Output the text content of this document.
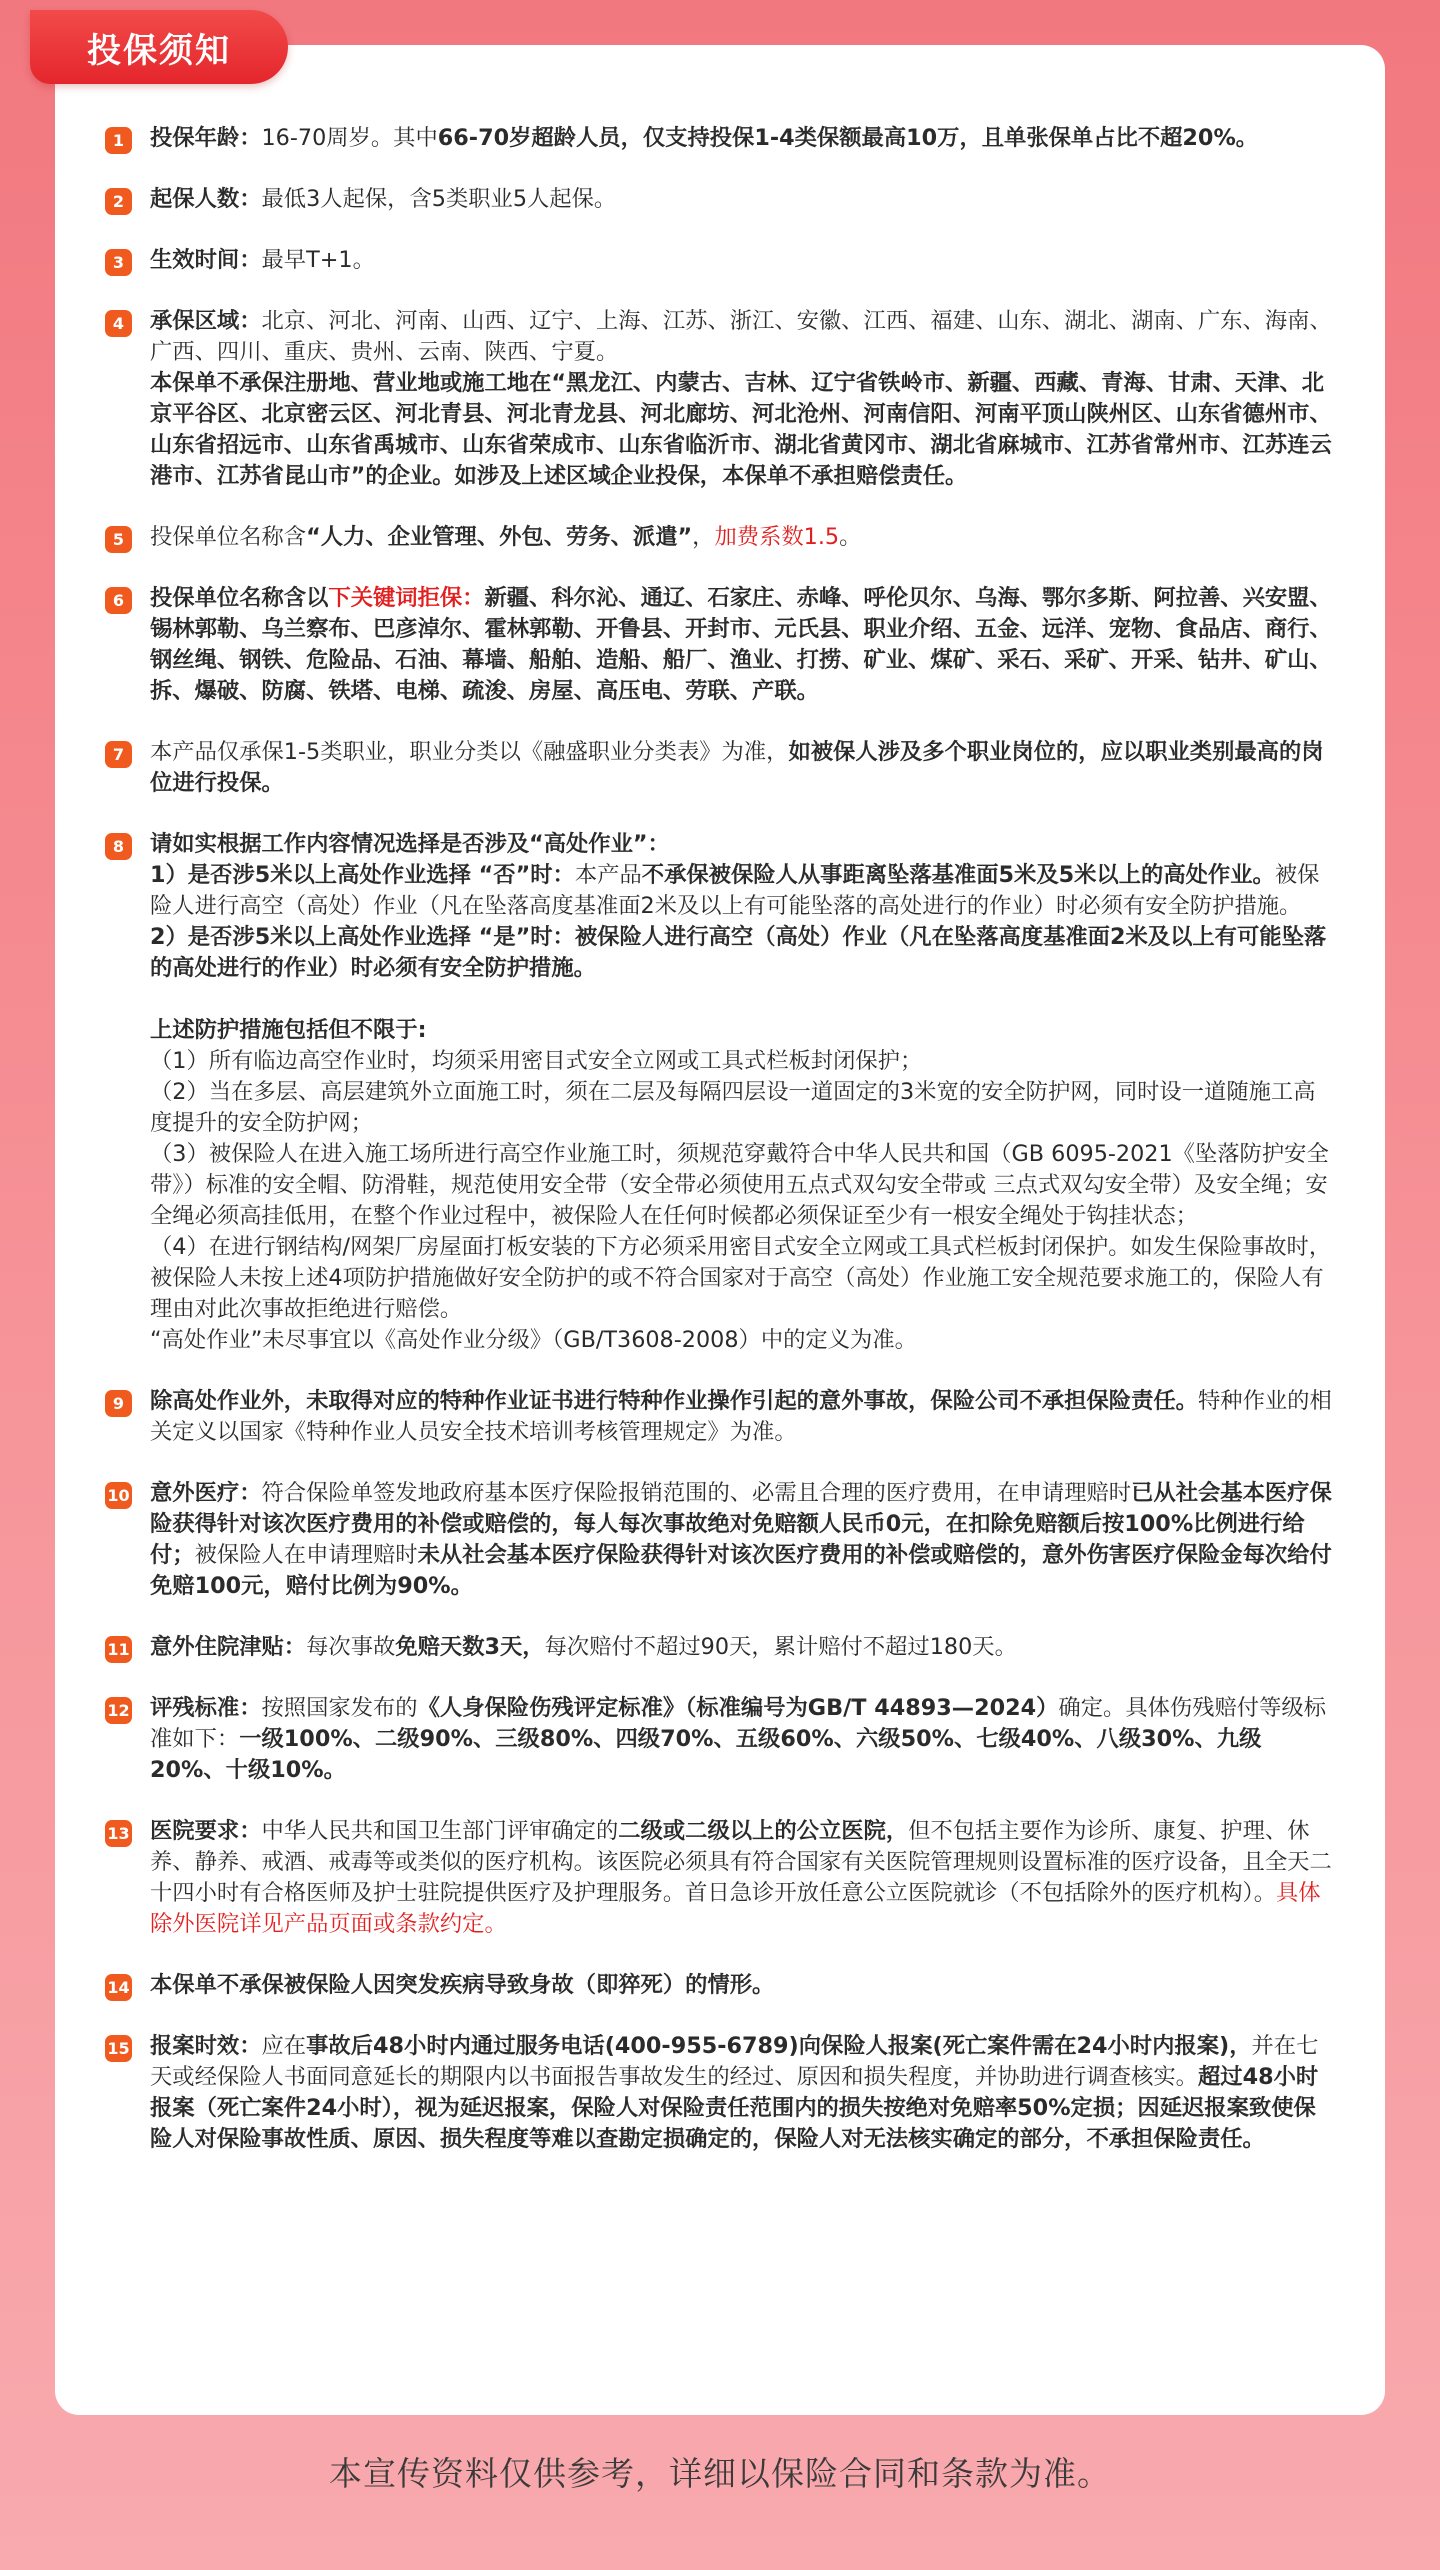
投保须知
1	投保年龄：16-70周岁。其中66-70岁超龄人员，仅支持投保1-4类保额最高10万，且单张保单占比不超20%。

2	起保人数：最低3人起保，含5类职业5人起保。

3	生效时间：最早T+1。

4	承保区域：北京、河北、河南、山西、辽宁、上海、江苏、浙江、安徽、江西、福建、山东、湖北、湖南、广东、海南、广西、四川、重庆、贵州、云南、陕西、宁夏。

本保单不承保注册地、营业地或施工地在“黑龙江、内蒙古、吉林、辽宁省铁岭市、新疆、西藏、青海、甘肃、天津、北京平谷区、北京密云区、河北青县、河北青龙县、河北廊坊、河北沧州、河南信阳、河南平顶山陕州区、山东省德州市、山东省招远市、山东省禹城市、山东省荣成市、山东省临沂市、湖北省黄冈市、湖北省麻城市、江苏省常州市、江苏连云港市、江苏省昆山市”的企业。如涉及上述区域企业投保，本保单不承担赔偿责任。

5	投保单位名称含“人力、企业管理、外包、劳务、派遣”，加费系数1.5。

6	投保单位名称含以下关键词拒保：新疆、科尔沁、通辽、石家庄、赤峰、呼伦贝尔、乌海、鄂尔多斯、阿拉善、兴安盟、锡林郭勒、乌兰察布、巴彦淖尔、霍林郭勒、开鲁县、开封市、元氏县、职业介绍、五金、远洋、宠物、食品店、商行、钢丝绳、钢铁、危险品、石油、幕墙、船舶、造船、船厂、渔业、打捞、矿业、煤矿、采石、采矿、开采、钻井、矿山、拆、爆破、防腐、铁塔、电梯、疏浚、房屋、高压电、劳联、产联。

7	本产品仅承保1-5类职业，职业分类以《融盛职业分类表》为准，如被保人涉及多个职业岗位的，应以职业类别最高的岗位进行投保。

8	请如实根据工作内容情况选择是否涉及“高处作业”：

1）是否涉5米以上高处作业选择 “否”时：本产品不承保被保险人从事距离坠落基准面5米及5米以上的高处作业。被保险人进行高空（高处）作业（凡在坠落高度基准面2米及以上有可能坠落的高处进行的作业）时必须有安全防护措施。

2）是否涉5米以上高处作业选择 “是”时：被保险人进行高空（高处）作业（凡在坠落高度基准面2米及以上有可能坠落的高处进行的作业）时必须有安全防护措施。

上述防护措施包括但不限于:

（1）所有临边高空作业时，均须采用密目式安全立网或工具式栏板封闭保护；

（2）当在多层、高层建筑外立面施工时，须在二层及每隔四层设一道固定的3米宽的安全防护网，同时设一道随施工高度提升的安全防护网；

（3）被保险人在进入施工场所进行高空作业施工时，须规范穿戴符合中华人民共和国（GB 6095-2021《坠落防护安全带》）标准的安全帽、防滑鞋，规范使用安全带（安全带必须使用五点式双勾安全带或 三点式双勾安全带）及安全绳；安全绳必须高挂低用，在整个作业过程中，被保险人在任何时候都必须保证至少有一根安全绳处于钩挂状态；

（4）在进行钢结构/网架厂房屋面打板安装的下方必须采用密目式安全立网或工具式栏板封闭保护。如发生保险事故时，被保险人未按上述4项防护措施做好安全防护的或不符合国家对于高空（高处）作业施工安全规范要求施工的，保险人有理由对此次事故拒绝进行赔偿。

“高处作业”未尽事宜以《高处作业分级》（GB/T3608-2008）中的定义为准。

9	除高处作业外，未取得对应的特种作业证书进行特种作业操作引起的意外事故，保险公司不承担保险责任。特种作业的相关定义以国家《特种作业人员安全技术培训考核管理规定》为准。

10 意外医疗：符合保险单签发地政府基本医疗保险报销范围的、必需且合理的医疗费用，在申请理赔时已从社会基本医疗保险获得针对该次医疗费用的补偿或赔偿的，每人每次事故绝对免赔额人民币0元，在扣除免赔额后按100%比例进行给付；被保险人在申请理赔时未从社会基本医疗保险获得针对该次医疗费用的补偿或赔偿的，意外伤害医疗保险金每次给付免赔100元，赔付比例为90%。

11 意外住院津贴：每次事故免赔天数3天，每次赔付不超过90天，累计赔付不超过180天。

12 评残标准：按照国家发布的《人身保险伤残评定标准》（标准编号为GB/T 44893—2024）确定。具体伤残赔付等级标准如下：一级100%、二级90%、三级80%、四级70%、五级60%、六级50%、七级40%、八级30%、九级20%、十级10%。

13 医院要求：中华人民共和国卫生部门评审确定的二级或二级以上的公立医院，但不包括主要作为诊所、康复、护理、休养、静养、戒酒、戒毒等或类似的医疗机构。该医院必须具有符合国家有关医院管理规则设置标准的医疗设备，且全天二十四小时有合格医师及护士驻院提供医疗及护理服务。首日急诊开放任意公立医院就诊（不包括除外的医疗机构）。具体除外医院详见产品页面或条款约定。

14 本保单不承保被保险人因突发疾病导致身故（即猝死）的情形。

15 报案时效：应在事故后48小时内通过服务电话(400-955-6789)向保险人报案(死亡案件需在24小时内报案)，并在七天或经保险人书面同意延长的期限内以书面报告事故发生的经过、原因和损失程度，并协助进行调查核实。超过48小时报案（死亡案件24小时），视为延迟报案，保险人对保险责任范围内的损失按绝对免赔率50%定损；因延迟报案致使保险人对保险事故性质、原因、损失程度等难以查勘定损确定的，保险人对无法核实确定的部分，不承担保险责任。

本宣传资料仅供参考，详细以保险合同和条款为准。
